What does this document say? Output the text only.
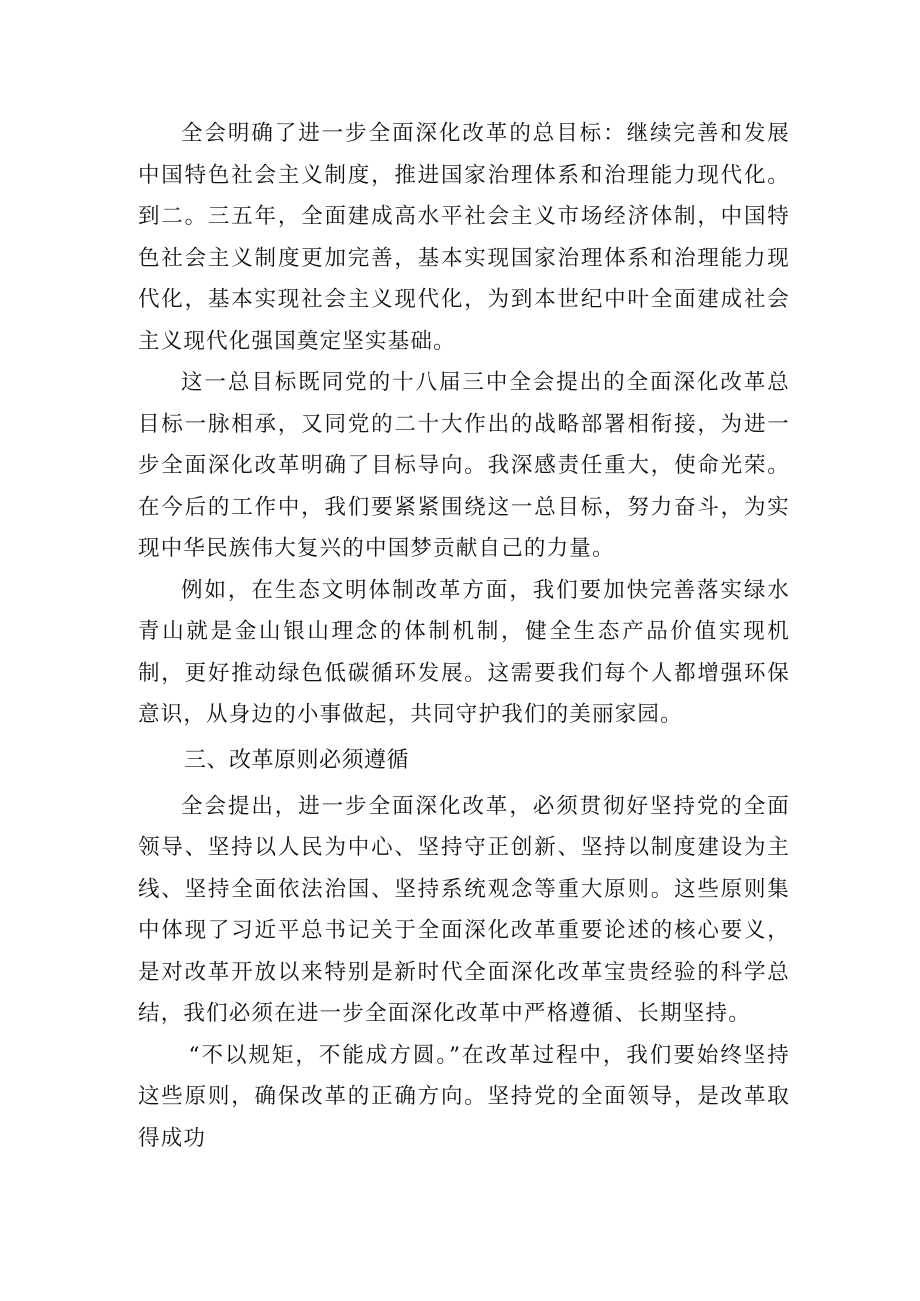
全会明确了进一步全面深化改革的总目标：继续完善和发展中国特色社会主义制度，推进国家治理体系和治理能力现代化。到二。三五年，全面建成高水平社会主义市场经济体制，中国特色社会主义制度更加完善，基本实现国家治理体系和治理能力现代化，基本实现社会主义现代化，为到本世纪中叶全面建成社会主义现代化强国奠定坚实基础。

这一总目标既同党的十八届三中全会提出的全面深化改革总目标一脉相承，又同党的二十大作出的战略部署相衔接，为进一步全面深化改革明确了目标导向。我深感责任重大，使命光荣。在今后的工作中，我们要紧紧围绕这一总目标，努力奋斗，为实现中华民族伟大复兴的中国梦贡献自己的力量。

例如，在生态文明体制改革方面，我们要加快完善落实绿水青山就是金山银山理念的体制机制，健全生态产品价值实现机制，更好推动绿色低碳循环发展。这需要我们每个人都增强环保意识，从身边的小事做起，共同守护我们的美丽家园。

三、改革原则必须遵循

全会提出，进一步全面深化改革，必须贯彻好坚持党的全面领导、坚持以人民为中心、坚持守正创新、坚持以制度建设为主线、坚持全面依法治国、坚持系统观念等重大原则。这些原则集中体现了习近平总书记关于全面深化改革重要论述的核心要义，是对改革开放以来特别是新时代全面深化改革宝贵经验的科学总结，我们必须在进一步全面深化改革中严格遵循、长期坚持。

“不以规矩，不能成方圆。”在改革过程中，我们要始终坚持这些原则，确保改革的正确方向。坚持党的全面领导，是改革取得成功
